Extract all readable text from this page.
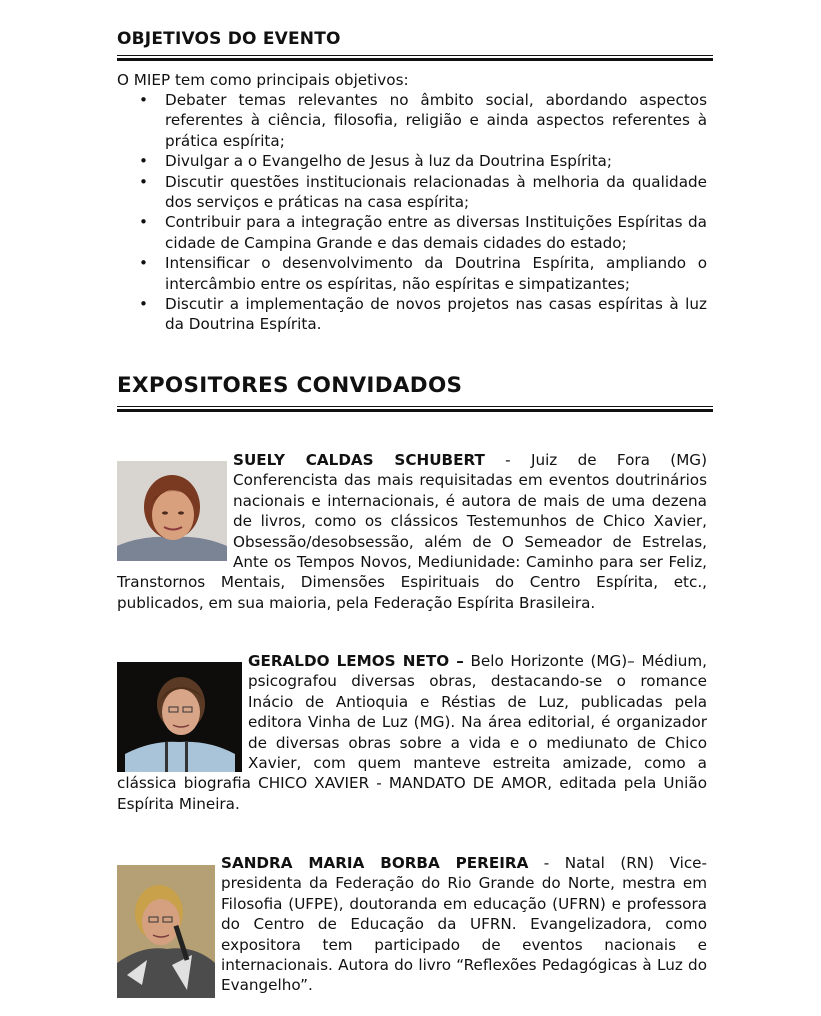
OBJETIVOS DO EVENTO

O MIEP tem como principais objetivos:

• Debater temas relevantes no âmbito social, abordando aspectos referentes à ciência, filosofia, religião e ainda aspectos referentes à prática espírita;
• Divulgar a o Evangelho de Jesus à luz da Doutrina Espírita;
• Discutir questões institucionais relacionadas à melhoria da qualidade dos serviços e práticas na casa espírita;
• Contribuir para a integração entre as diversas Instituições Espíritas da cidade de Campina Grande e das demais cidades do estado;
• Intensificar o desenvolvimento da Doutrina Espírita, ampliando o intercâmbio entre os espíritas, não espíritas e simpatizantes;
• Discutir a implementação de novos projetos nas casas espíritas à luz da Doutrina Espírita.
EXPOSITORES CONVIDADOS
SUELY CALDAS SCHUBERT - Juiz de Fora (MG) Conferencista das mais requisitadas em eventos doutrinários nacionais e internacionais, é autora de mais de uma dezena de livros, como os clássicos Testemunhos de Chico Xavier, Obsessão/desobsessão, além de O Semeador de Estrelas, Ante os Tempos Novos, Mediunidade: Caminho para ser Feliz, Transtornos Mentais, Dimensões Espirituais do Centro Espírita, etc., publicados, em sua maioria, pela Federação Espírita Brasileira.
GERALDO LEMOS NETO – Belo Horizonte (MG)– Médium, psicografou diversas obras, destacando-se o romance Inácio de Antioquia e Réstias de Luz, publicadas pela editora Vinha de Luz (MG). Na área editorial, é organizador de diversas obras sobre a vida e o mediunato de Chico Xavier, com quem manteve estreita amizade, como a clássica biografia CHICO XAVIER - MANDATO DE AMOR, editada pela União Espírita Mineira.
SANDRA MARIA BORBA PEREIRA - Natal (RN) Vice-presidenta da Federação do Rio Grande do Norte, mestra em Filosofia (UFPE), doutoranda em educação (UFRN) e professora do Centro de Educação da UFRN. Evangelizadora, como expositora tem participado de eventos nacionais e internacionais. Autora do livro “Reflexões Pedagógicas à Luz do Evangelho”.
